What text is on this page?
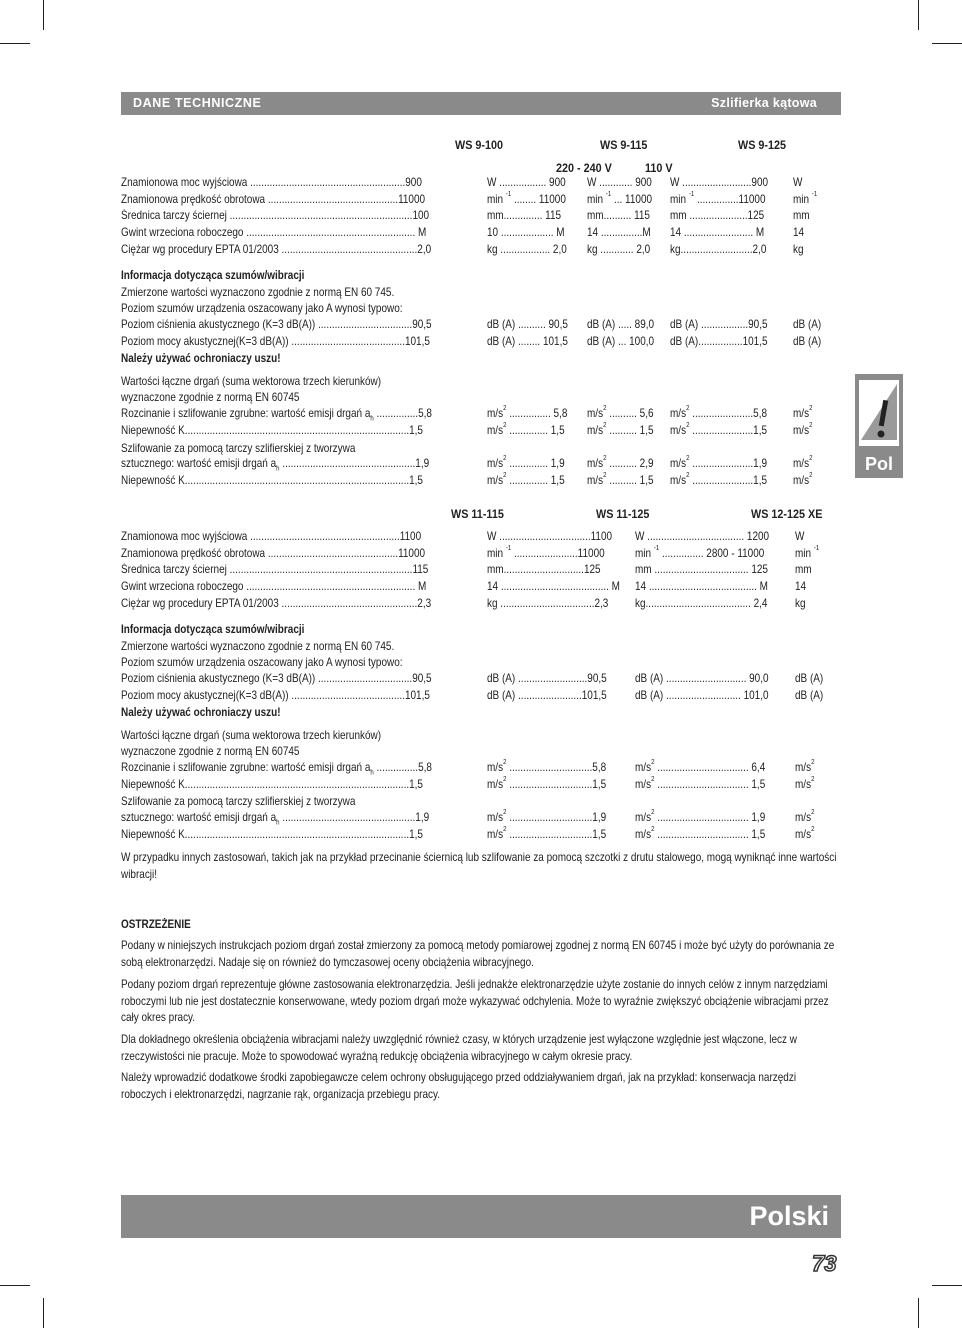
DANE TECHNICZNE	Szlifierka kątowa
WS 9-100	WS 9-115	WS 9-125
220 - 240 V	110 V
Znamionowa moc wyjściowa ........................................................900	W ................. 900 W ............ 900 W .........................900 W
Znamionowa prędkość obrotowa ...............................................11000	min $^{-1}$ ........ 11000 min $^{-1}$ ... 11000 min $^{-1}$ ...............11000 min $^{-1}$
Średnica tarczy ściernej ..................................................................100	mm.............. 115 mm.......... 115 mm .....................125 mm
Gwint wrzeciona roboczego ............................................................. M	10 ................... M 14 ...............M 14 ......................... M 14
Ciężar wg procedury EPTA 01/2003 .................................................2,0	kg .................. 2,0 kg ............ 2,0 kg..........................2,0 kg
Informacja dotycząca szumów/wibracji
Zmierzone wartości wyznaczono zgodnie z normą EN 60 745.
Poziom szumów urządzenia oszacowany jako A wynosi typowo:
Poziom ciśnienia akustycznego (K=3 dB(A)) ..................................90,5	dB (A) .......... 90,5 dB (A) ..... 89,0 dB (A) .................90,5 dB (A)
Poziom mocy akustycznej(K=3 dB(A)) .........................................101,5	dB (A) ........ 101,5 dB (A) ... 100,0 dB (A)................101,5 dB (A)
Należy używać ochroniaczy uszu!
Wartości łączne drgań (suma wektorowa trzech kierunków)
wyznaczone zgodnie z normą EN 60745
Rozcinanie i szlifowanie zgrubne: wartość emisji drgań $a_h$ ...............5,8	$m/s^2$ ............... 5,8 $m/s^2$ .......... 5,6 $m/s^2$ ......................5,8 $m/s^2$
Niepewność K.................................................................................1,5	$m/s^2$ .............. 1,5 $m/s^2$ .......... 1,5 $m/s^2$ ......................1,5 $m/s^2$
Szlifowanie za pomocą tarczy szlifierskiej z tworzywa
sztucznego: wartość emisji drgań $a_h$ ................................................1,9	$m/s^2$ .............. 1,9 $m/s^2$ .......... 2,9 $m/s^2$ ......................1,9 $m/s^2$
Niepewność K.................................................................................1,5	$m/s^2$ .............. 1,5 $m/s^2$ .......... 1,5 $m/s^2$ ......................1,5 $m/s^2$
WS 11-115	WS 11-125	WS 12-125 XE
Znamionowa moc wyjściowa ......................................................1100	W .................................1100 W ................................... 1200 W
Znamionowa prędkość obrotowa ...............................................11000	min $^{-1}$ .......................11000	min $^{-1}$ ............... 2800 - 11000	min $^{-1}$
Średnica tarczy ściernej ..................................................................115	mm.............................125	mm .................................. 125 mm
Gwint wrzeciona roboczego ............................................................. M	14 ....................................... M 14 ....................................... M 14
Ciężar wg procedury EPTA 01/2003 .................................................2,3	kg ..................................2,3 kg...................................... 2,4 kg
Informacja dotycząca szumów/wibracji
Zmierzone wartości wyznaczono zgodnie z normą EN 60 745.
Poziom szumów urządzenia oszacowany jako A wynosi typowo:
Poziom ciśnienia akustycznego (K=3 dB(A)) ..................................90,5	dB (A) .........................90,5 dB (A) ............................. 90,0 dB (A)
Poziom mocy akustycznej(K=3 dB(A)) .........................................101,5	dB (A) .......................101,5 dB (A) ........................... 101,0 dB (A)
Należy używać ochroniaczy uszu!
Wartości łączne drgań (suma wektorowa trzech kierunków)
wyznaczone zgodnie z normą EN 60745
Rozcinanie i szlifowanie zgrubne: wartość emisji drgań $a_h$ ...............5,8	$m/s^2$ ..............................5,8 $m/s^2$ ................................. 6,4	$m/s^2$
Niepewność K.................................................................................1,5	$m/s^2$ ..............................1,5 $m/s^2$ ................................. 1,5	$m/s^2$
Szlifowanie za pomocą tarczy szlifierskiej z tworzywa
sztucznego: wartość emisji drgań $a_h$ ................................................1,9	$m/s^2$ ..............................1,9 $m/s^2$ ................................. 1,9	$m/s^2$
Niepewność K.................................................................................1,5	$m/s^2$ ..............................1,5 $m/s^2$ ................................. 1,5	$m/s^2$
W przypadku innych zastosowań, takich jak na przykład przecinanie ściernicą lub szlifowanie za pomocą szczotki z drutu stalowego, mogą wyniknąć inne wartości wibracji!
OSTRZEŻENIE
Podany w niniejszych instrukcjach poziom drgań został zmierzony za pomocą metody pomiarowej zgodnej z normą EN 60745 i może być użyty do porównania ze sobą elektronarzędzi. Nadaje się on również do tymczasowej oceny obciążenia wibracyjnego.
Podany poziom drgań reprezentuje główne zastosowania elektronarzędzia. Jeśli jednakże elektronarzędzie użyte zostanie do innych celów z innym narzędziami roboczymi lub nie jest dostatecznie konserwowane, wtedy poziom drgań może wykazywać odchylenia. Może to wyraźnie zwiększyć obciążenie wibracjami przez cały okres pracy.
Dla dokładnego określenia obciążenia wibracjami należy uwzględnić również czasy, w których urządzenie jest wyłączone względnie jest włączone, lecz w rzeczywistości nie pracuje. Może to spowodować wyraźną redukcję obciążenia wibracyjnego w całym okresie pracy.
Należy wprowadzić dodatkowe środki zapobiegawcze celem ochrony obsługującego przed oddziaływaniem drgań, jak na przykład: konserwacja narzędzi roboczych i elektronarzędzi, nagrzanie rąk, organizacja przebiegu pracy.
Pol
Polski
73
